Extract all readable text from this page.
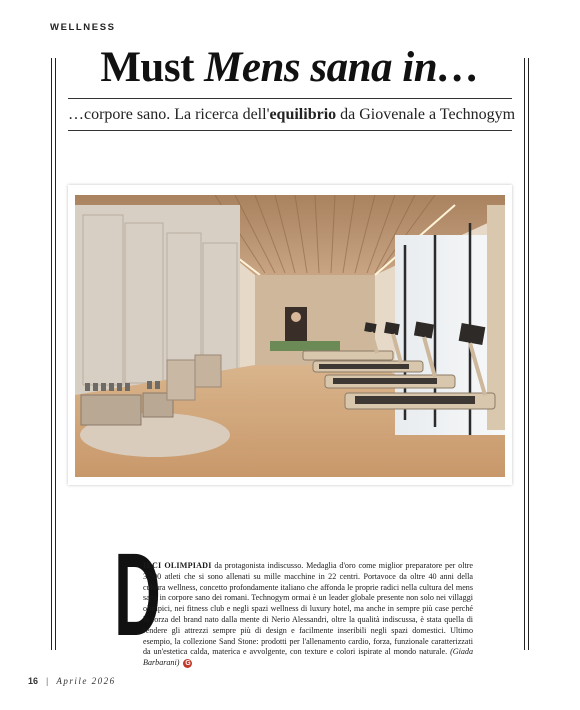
WELLNESS
Must Mens sana in…
…corpore sano. La ricerca dell'equilibrio da Giovenale a Technogym
D
IECI OLIMPIADI da protagonista indiscusso. Medaglia d'oro come miglior preparatore per oltre 3.500 atleti che si sono allenati su mille macchine in 22 centri. Portavoce da oltre 40 anni della cultura wellness, concetto profondamente italiano che affonda le proprie radici nella cultura del mens sana in corpore sano dei romani. Technogym ormai è un leader globale presente non solo nei villaggi olimpici, nei fitness club e negli spazi wellness di luxury hotel, ma anche in sempre più case perché la forza del brand nato dalla mente di Nerio Alessandri, oltre la qualità indiscussa, è stata quella di rendere gli attrezzi sempre più di design e facilmente inseribili negli spazi domestici. Ultimo esempio, la collezione Sand Stone: prodotti per l'allenamento cardio, forza, funzionale caratterizzati da un'estetica calda, materica e avvolgente, con texture e colori ispirate al mondo naturale. (Giada Barbarani) G
16 | Aprile 2026
